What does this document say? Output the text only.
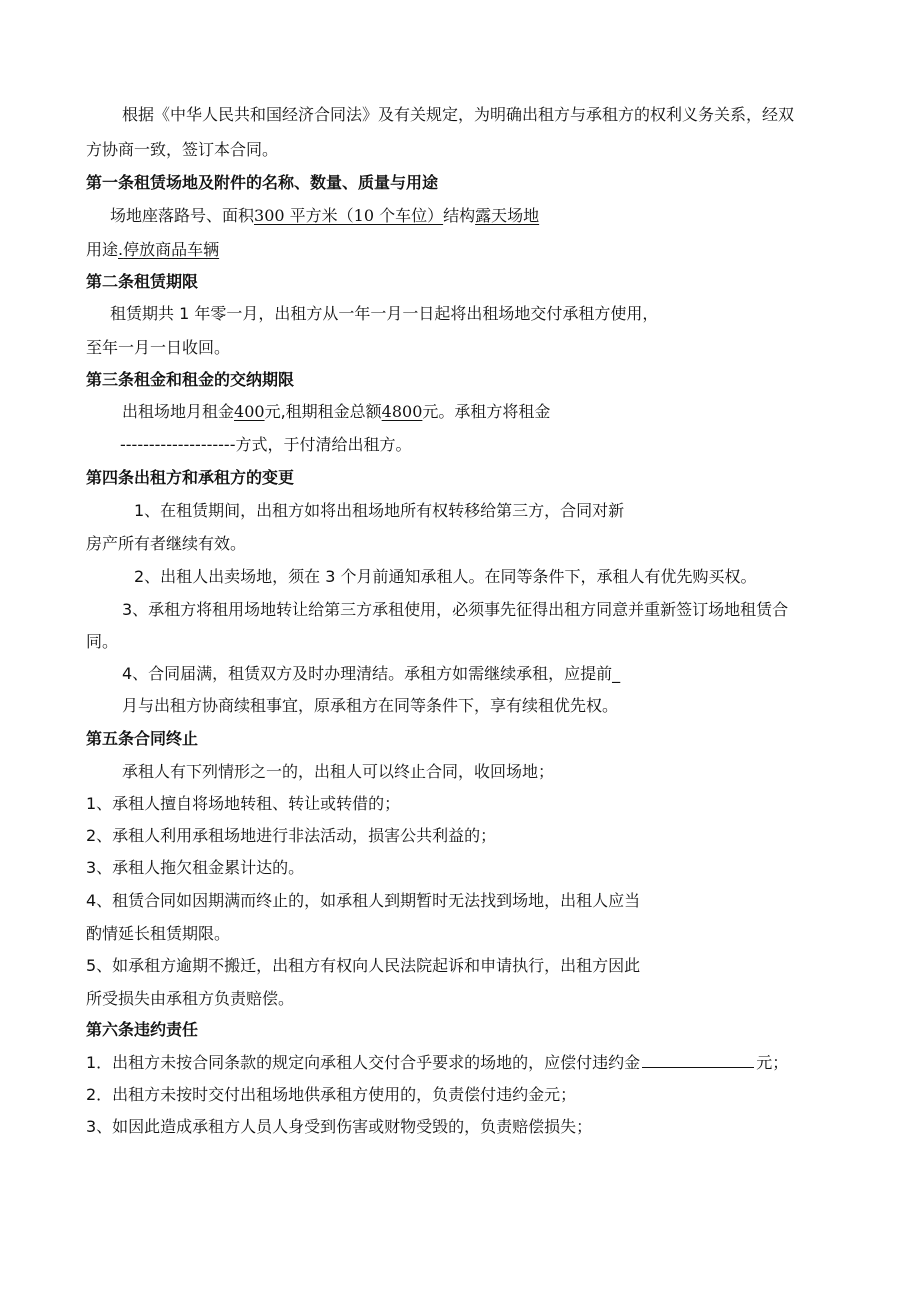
根据《中华人民共和国经济合同法》及有关规定，为明确出租方与承租方的权利义务关系，经双
方协商一致，签订本合同。
第一条租赁场地及附件的名称、数量、质量与用途
场地座落路号、面积300 平方米（10 个车位）结构露天场地
用途.停放商品车辆
第二条租赁期限
租赁期共 1 年零一月，出租方从一年一月一日起将出租场地交付承租方使用，
至年一月一日收回。
第三条租金和租金的交纳期限
出租场地月租金400元,租期租金总额4800元。承租方将租金
--------------------方式，于付清给出租方。
第四条出租方和承租方的变更
1、在租赁期间，出租方如将出租场地所有权转移给第三方，合同对新
房产所有者继续有效。
2、出租人出卖场地，须在 3 个月前通知承租人。在同等条件下，承租人有优先购买权。
3、承租方将租用场地转让给第三方承租使用，必须事先征得出租方同意并重新签订场地租赁合
同。
4、合同届满，租赁双方及时办理清结。承租方如需继续承租，应提前_
月与出租方协商续租事宜，原承租方在同等条件下，享有续租优先权。
第五条合同终止
承租人有下列情形之一的，出租人可以终止合同，收回场地；
1、承租人擅自将场地转租、转让或转借的；
2、承租人利用承租场地进行非法活动，损害公共利益的；
3、承租人拖欠租金累计达的。
4、租赁合同如因期满而终止的，如承租人到期暂时无法找到场地，出租人应当
酌情延长租赁期限。
5、如承租方逾期不搬迁，出租方有权向人民法院起诉和申请执行，出租方因此
所受损失由承租方负责赔偿。
第六条违约责任
1．出租方未按合同条款的规定向承租人交付合乎要求的场地的，应偿付违约金	元；
2．出租方未按时交付出租场地供承租方使用的，负责偿付违约金元；
3、如因此造成承租方人员人身受到伤害或财物受毁的，负责赔偿损失；
